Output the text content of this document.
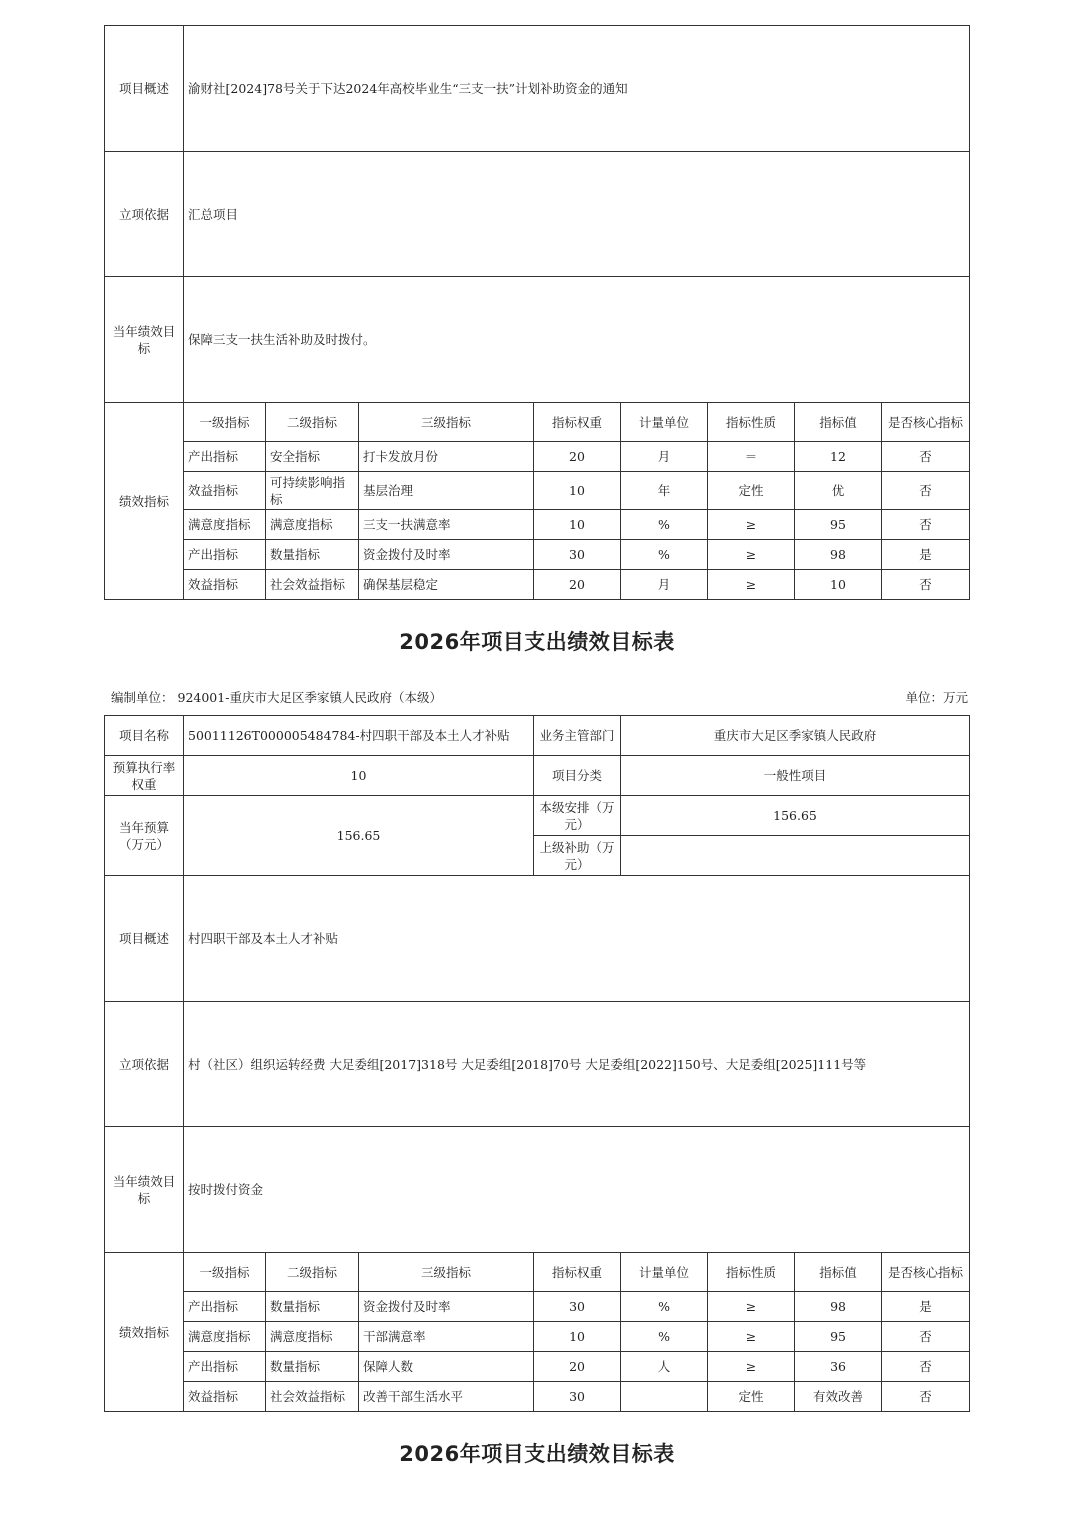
项目概述	渝财社[2024]78号关于下达2024年高校毕业生“三支一扶”计划补助资金的通知							
立项依据	汇总项目							
当年绩效目标	保障三支一扶生活补助及时拨付。							
绩效指标	一级指标	二级指标	三级指标	指标权重	计量单位	指标性质	指标值	是否核心指标
	产出指标	安全指标	打卡发放月份	20	月	＝	12	否
	效益指标	可持续影响指标	基层治理	10	年	定性	优	否
	满意度指标	满意度指标	三支一扶满意率	10	%	≥	95	否
	产出指标	数量指标	资金拨付及时率	30	%	≥	98	是
	效益指标	社会效益指标	确保基层稳定	20	月	≥	10	否
2026年项目支出绩效目标表
编制单位： 924001-重庆市大足区季家镇人民政府（本级）	单位：万元
项目名称	50011126T000005484784-村四职干部及本土人才补贴			业务主管部门	重庆市大足区季家镇人民政府			
预算执行率权重	10			项目分类	一般性项目			
当年预算（万元）	156.65			本级安排（万元）	156.65			
				上级补助（万元）				
项目概述	村四职干部及本土人才补贴							
立项依据	村（社区）组织运转经费 大足委组[2017]318号 大足委组[2018]70号 大足委组[2022]150号、大足委组[2025]111号等							
当年绩效目标	按时拨付资金							
绩效指标	一级指标	二级指标	三级指标	指标权重	计量单位	指标性质	指标值	是否核心指标
	产出指标	数量指标	资金拨付及时率	30	%	≥	98	是
	满意度指标	满意度指标	干部满意率	10	%	≥	95	否
	产出指标	数量指标	保障人数	20	人	≥	36	否
	效益指标	社会效益指标	改善干部生活水平	30		定性	有效改善	否
2026年项目支出绩效目标表
